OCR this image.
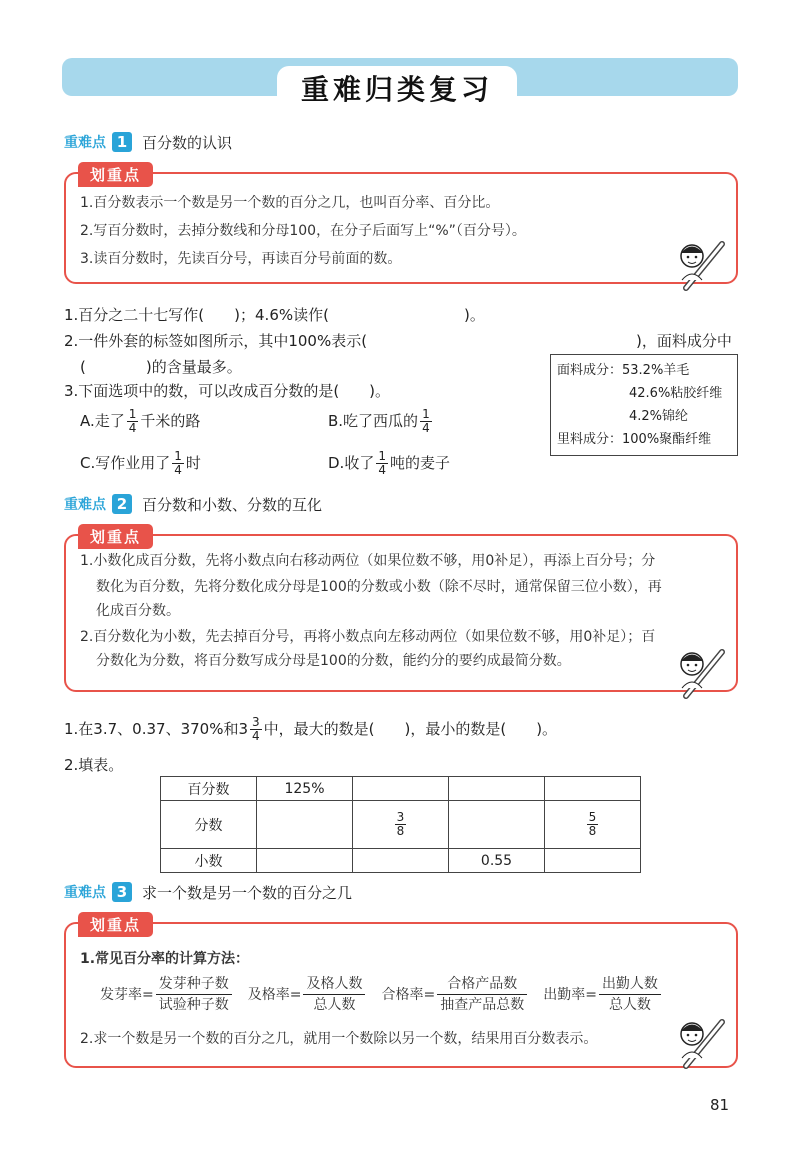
重难归类复习
重难点 1 百分数的认识
划重点
1.百分数表示一个数是另一个数的百分之几，也叫百分率、百分比。
2.写百分数时，去掉分数线和分母100，在分子后面写上“%”（百分号）。
3.读百分数时，先读百分号，再读百分号前面的数。
1.百分之二十七写作(　　)；4.6%读作(　　　　　　　　　)。
2.一件外套的标签如图所示，其中100%表示(	)，面料成分中
(　　　　)的含量最多。	面料成分：53.2%羊毛
42.6%粘胶纤维
4.2%锦纶
里料成分：100%聚酯纤维
3.下面选项中的数，可以改成百分数的是(　　)。
A.走了 $\frac{1}{4}$ 千米的路	B.吃了西瓜的 $\frac{1}{4}$
C.写作业用了 $\frac{1}{4}$ 时	D.收了 $\frac{1}{4}$ 吨的麦子
重难点 2 百分数和小数、分数的互化
划重点
1.小数化成百分数，先将小数点向右移动两位（如果位数不够，用0补足），再添上百分号；分
数化为百分数，先将分数化成分母是100的分数或小数（除不尽时，通常保留三位小数），再
化成百分数。
2.百分数化为小数，先去掉百分号，再将小数点向左移动两位（如果位数不够，用0补足）；百
分数化为分数，将百分数写成分母是100的分数，能约分的要约成最简分数。
1.在3.7、0.37、370%和$3 \frac{3}{4}$ 中，最大的数是(　　)，最小的数是(　　)。
2.填表。
百分数	125%			
分数		$\frac{3}{8}$		$\frac{5}{8}$

小数			0.55	
重难点 3 求一个数是另一个数的百分之几
划重点
1.常见百分率的计算方法：
发芽率=
发芽种子数
试验种子数
及格率=
及格人数
总人数
合格率=
合格产品数
抽查产品总数
出勤率=
出勤人数
总人数
2.求一个数是另一个数的百分之几，就用一个数除以另一个数，结果用百分数表示。
81
